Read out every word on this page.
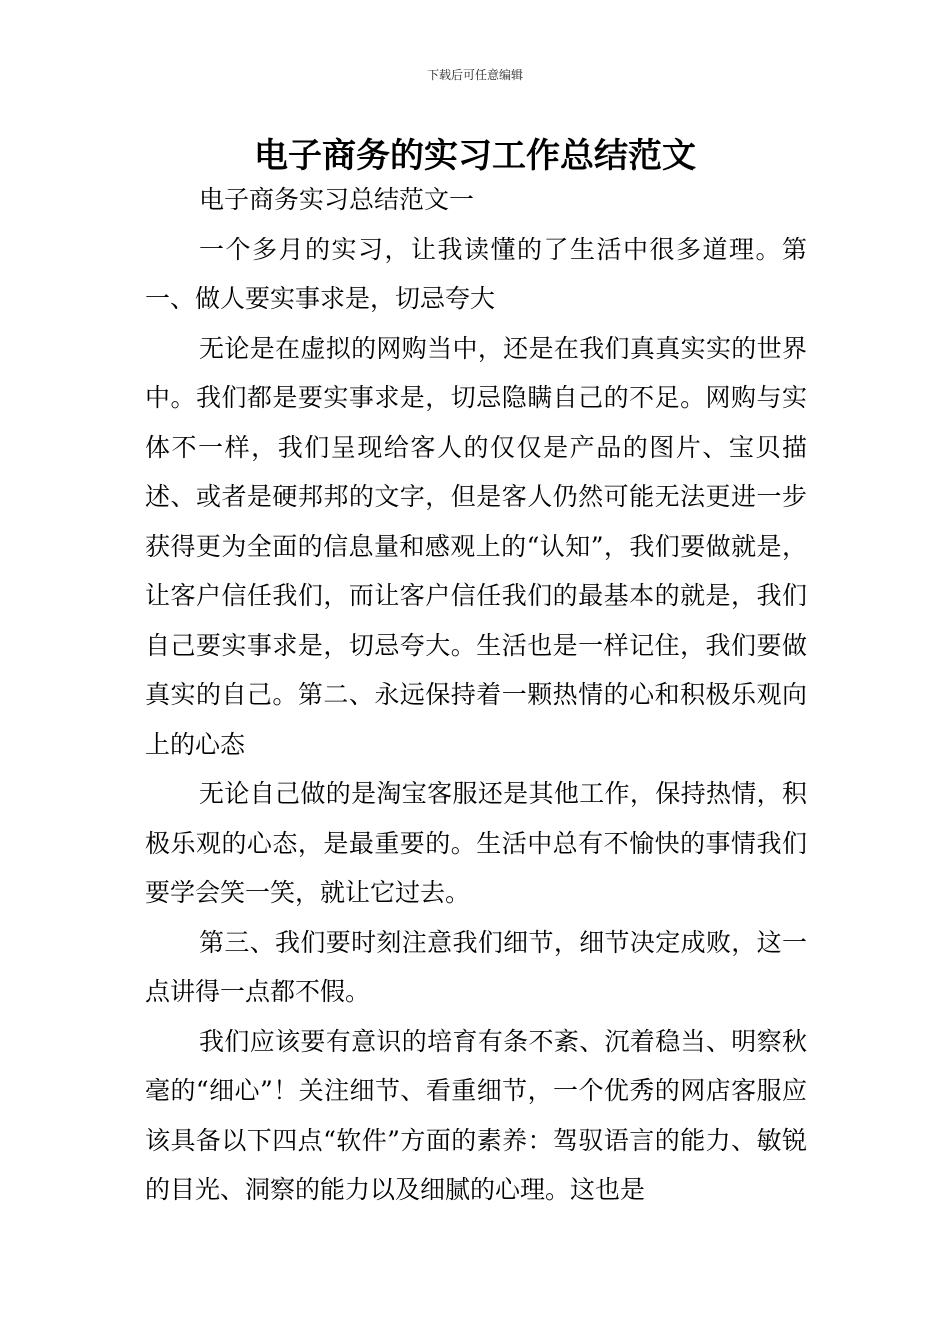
下载后可任意编辑
电子商务的实习工作总结范文

电子商务实习总结范文一

一个多月的实习，让我读懂的了生活中很多道理。第一、做人要实事求是，切忌夸大

无论是在虚拟的网购当中，还是在我们真真实实的世界中。我们都是要实事求是，切忌隐瞒自己的不足。网购与实体不一样，我们呈现给客人的仅仅是产品的图片、宝贝描述、或者是硬邦邦的文字，但是客人仍然可能无法更进一步获得更为全面的信息量和感观上的“认知”，我们要做就是，让客户信任我们，而让客户信任我们的最基本的就是，我们自己要实事求是，切忌夸大。生活也是一样记住，我们要做真实的自己。第二、永远保持着一颗热情的心和积极乐观向上的心态

无论自己做的是淘宝客服还是其他工作，保持热情，积极乐观的心态，是最重要的。生活中总有不愉快的事情我们要学会笑一笑，就让它过去。

第三、我们要时刻注意我们细节，细节决定成败，这一点讲得一点都不假。

我们应该要有意识的培育有条不紊、沉着稳当、明察秋毫的“细心”！关注细节、看重细节，一个优秀的网店客服应该具备以下四点“软件”方面的素养：驾驭语言的能力、敏锐的目光、洞察的能力以及细腻的心理。这也是
